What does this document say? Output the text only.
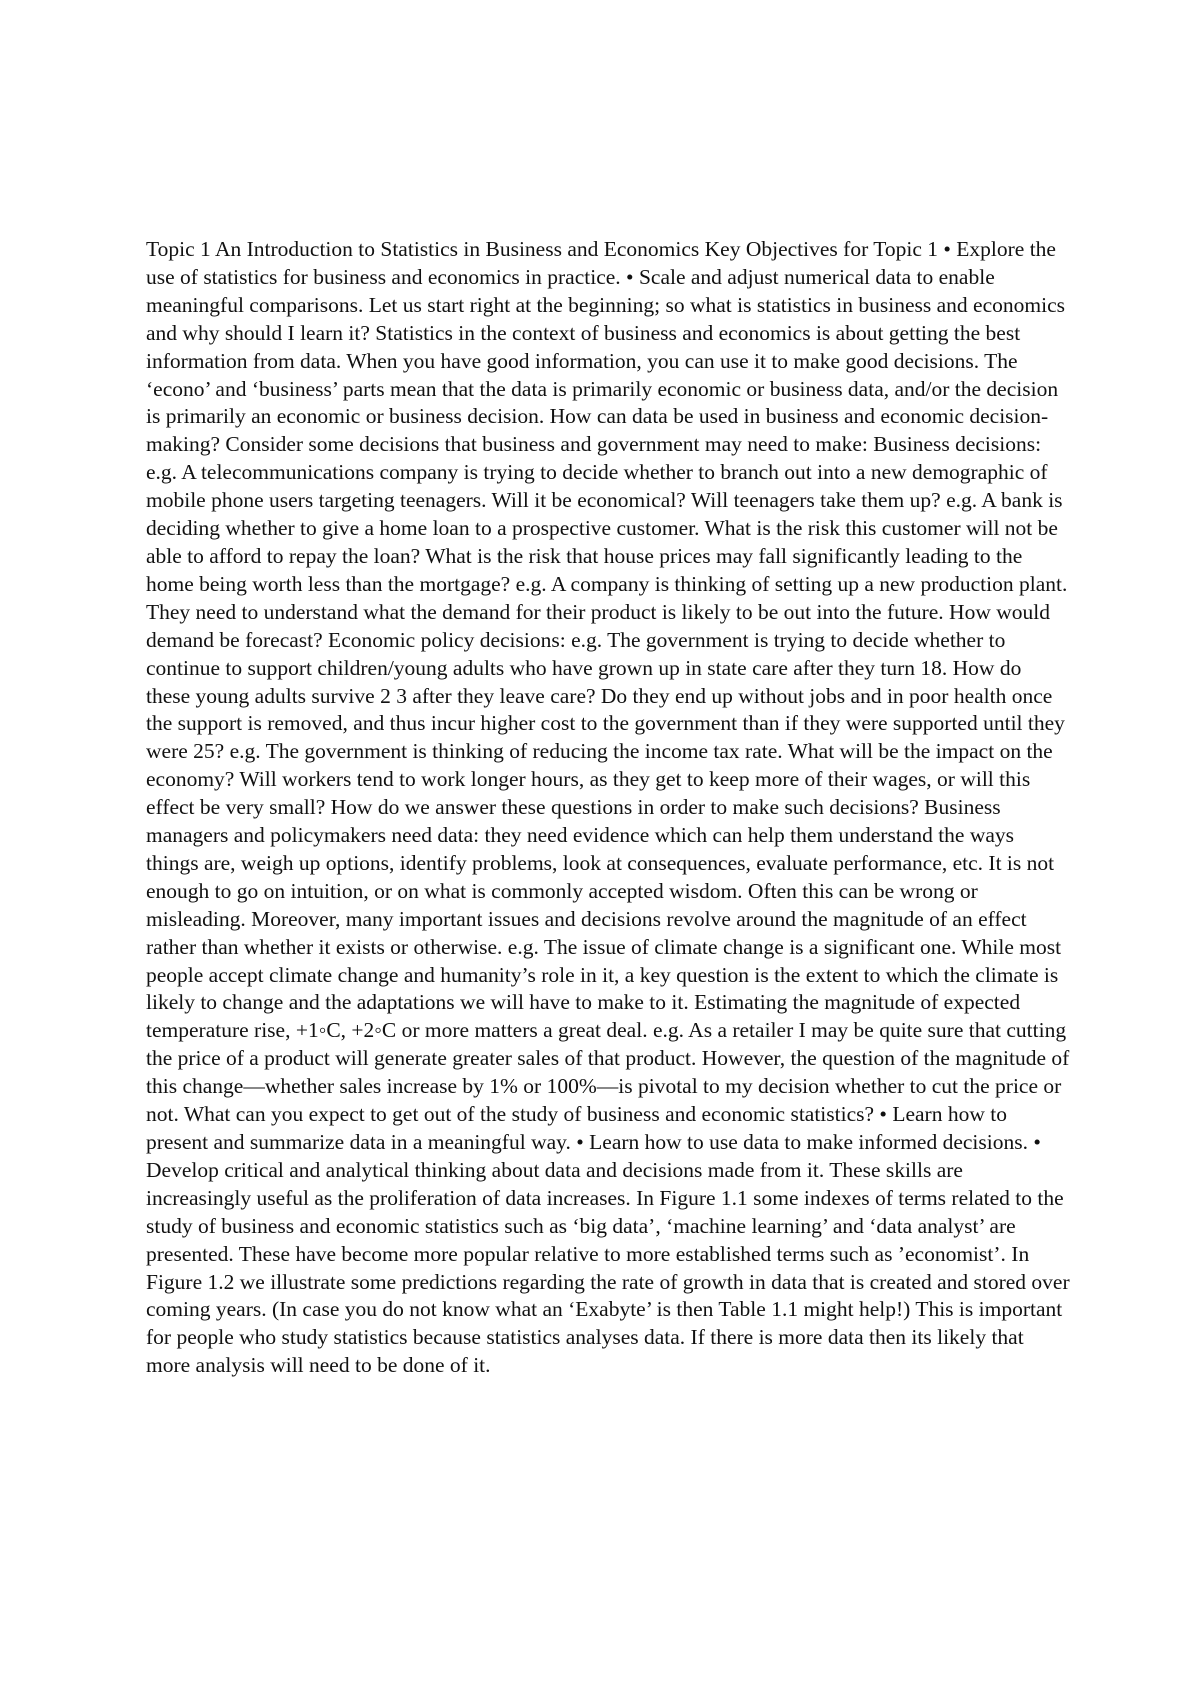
Topic 1 An Introduction to Statistics in Business and Economics Key Objectives for Topic 1 • Explore the use of statistics for business and economics in practice. • Scale and adjust numerical data to enable meaningful comparisons. Let us start right at the beginning; so what is statistics in business and economics and why should I learn it? Statistics in the context of business and economics is about getting the best information from data. When you have good information, you can use it to make good decisions. The ‘econo’ and ‘business’ parts mean that the data is primarily economic or business data, and/or the decision is primarily an economic or business decision. How can data be used in business and economic decision-making? Consider some decisions that business and government may need to make: Business decisions: e.g. A telecommunications company is trying to decide whether to branch out into a new demographic of mobile phone users targeting teenagers. Will it be economical? Will teenagers take them up? e.g. A bank is deciding whether to give a home loan to a prospective customer. What is the risk this customer will not be able to afford to repay the loan? What is the risk that house prices may fall significantly leading to the home being worth less than the mortgage? e.g. A company is thinking of setting up a new production plant. They need to understand what the demand for their product is likely to be out into the future. How would demand be forecast? Economic policy decisions: e.g. The government is trying to decide whether to continue to support children/young adults who have grown up in state care after they turn 18. How do these young adults survive 2 3 after they leave care? Do they end up without jobs and in poor health once the support is removed, and thus incur higher cost to the government than if they were supported until they were 25? e.g. The government is thinking of reducing the income tax rate. What will be the impact on the economy? Will workers tend to work longer hours, as they get to keep more of their wages, or will this effect be very small? How do we answer these questions in order to make such decisions? Business managers and policymakers need data: they need evidence which can help them understand the ways things are, weigh up options, identify problems, look at consequences, evaluate performance, etc. It is not enough to go on intuition, or on what is commonly accepted wisdom. Often this can be wrong or misleading. Moreover, many important issues and decisions revolve around the magnitude of an effect rather than whether it exists or otherwise. e.g. The issue of climate change is a significant one. While most people accept climate change and humanity’s role in it, a key question is the extent to which the climate is likely to change and the adaptations we will have to make to it. Estimating the magnitude of expected temperature rise, +1◦C, +2◦C or more matters a great deal. e.g. As a retailer I may be quite sure that cutting the price of a product will generate greater sales of that product. However, the question of the magnitude of this change—whether sales increase by 1% or 100%—is pivotal to my decision whether to cut the price or not. What can you expect to get out of the study of business and economic statistics? • Learn how to present and summarize data in a meaningful way. • Learn how to use data to make informed decisions. • Develop critical and analytical thinking about data and decisions made from it. These skills are increasingly useful as the proliferation of data increases. In Figure 1.1 some indexes of terms related to the study of business and economic statistics such as ‘big data’, ‘machine learning’ and ‘data analyst’ are presented. These have become more popular relative to more established terms such as ’economist’. In Figure 1.2 we illustrate some predictions regarding the rate of growth in data that is created and stored over coming years. (In case you do not know what an ‘Exabyte’ is then Table 1.1 might help!) This is important for people who study statistics because statistics analyses data. If there is more data then its likely that more analysis will need to be done of it.
